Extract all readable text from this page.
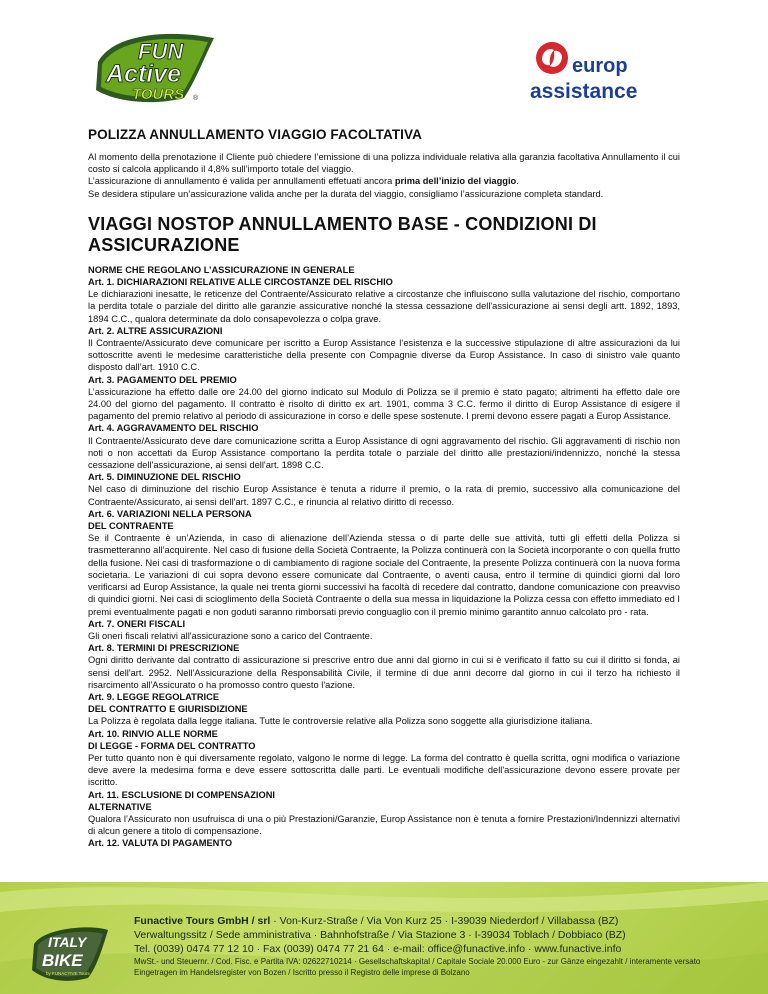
FUN
Active
TOURS ®
europ
assistance
POLIZZA ANNULLAMENTO VIAGGIO FACOLTATIVA

Al momento della prenotazione il Cliente può chiedere l’emissione di una polizza individuale relativa alla garanzia facoltativa Annullamento il cui costo si calcola applicando il 4,8% sull’importo totale del viaggio.

L’assicurazione di annullamento é valida per annullamenti effetuati ancora prima dell’inizio del viaggio.

Se desidera stipulare un’assicurazione valida anche per la durata del viaggio, consigliamo l’assicurazione completa standard.

VIAGGI NOSTOP ANNULLAMENTO BASE - CONDIZIONI DI ASSICURAZIONE

NORME CHE REGOLANO L’ASSICURAZIONE IN GENERALE

Art. 1. DICHIARAZIONI RELATIVE ALLE CIRCOSTANZE DEL RISCHIO

Le dichiarazioni inesatte, le reticenze del Contraente/Assicurato relative a circostanze che influiscono sulla valutazione del rischio, comportano la perdita totale o parziale del diritto alle garanzie assicurative nonché la stessa cessazione dell'assicurazione ai sensi degli artt. 1892, 1893, 1894 C.C., qualora determinate da dolo consapevolezza o colpa grave.

Art. 2. ALTRE ASSICURAZIONI

Il Contraente/Assicurato deve comunicare per iscritto a Europ Assistance l’esistenza e la successive stipulazione di altre assicurazioni da lui sottoscritte aventi le medesime caratteristiche della presente con Compagnie diverse da Europ Assistance. In caso di sinistro vale quanto disposto dall’art. 1910 C.C.

Art. 3. PAGAMENTO DEL PREMIO

L’assicurazione ha effetto dalle ore 24.00 del giorno indicato sul Modulo di Polizza se il premio è stato pagato; altrimenti ha effetto dale ore 24.00 del giorno del pagamento. Il contratto è risolto di diritto ex art. 1901, comma 3 C.C. fermo il diritto di Europ Assistance di esigere il pagamento del premio relativo al periodo di assicurazione in corso e delle spese sostenute. I premi devono essere pagati a Europ Assistance.

Art. 4. AGGRAVAMENTO DEL RISCHIO

Il Contraente/Assicurato deve dare comunicazione scritta a Europ Assistance di ogni aggravamento del rischio. Gli aggravamenti di rischio non noti o non accettati da Europ Assistance comportano la perdita totale o parziale del diritto alle prestazioni/indennizzo, nonché la stessa cessazione dell'assicurazione, ai sensi dell'art. 1898 C.C.

Art. 5. DIMINUZIONE DEL RISCHIO

Nel caso di diminuzione del rischio Europ Assistance è tenuta a ridurre il premio, o la rata di premio, successivo alla comunicazione del Contraente/Assicurato, ai sensi dell'art. 1897 C.C., e rinuncia al relativo diritto di recesso.

Art. 6. VARIAZIONI NELLA PERSONA

DEL CONTRAENTE

Se il Contraente è un’Azienda, in caso di alienazione dell’Azienda stessa o di parte delle sue attività, tutti gli effetti della Polizza si trasmetteranno all’acquirente. Nel caso di fusione della Società Contraente, la Polizza continuerà con la Società incorporante o con quella frutto della fusione. Nei casi di trasformazione o di cambiamento di ragione sociale del Contraente, la presente Polizza continuerà con la nuova forma societaria. Le variazioni di cui sopra devono essere comunicate dal Contraente, o aventi causa, entro il termine di quindici giorni dal loro verificarsi ad Europ Assistance, la quale nei trenta giorni successivi ha facoltà di recedere dal contratto, dandone comunicazione con preavviso di quindici giorni. Nei casi di scioglimento della Società Contraente o della sua messa in liquidazione la Polizza cessa con effetto immediato ed I premi eventualmente pagati e non goduti saranno rimborsati previo conguaglio con il premio minimo garantito annuo calcolato pro - rata.

Art. 7. ONERI FISCALI

Gli oneri fiscali relativi all'assicurazione sono a carico del Contraente.

Art. 8. TERMINI DI PRESCRIZIONE

Ogni diritto derivante dal contratto di assicurazione si prescrive entro due anni dal giorno in cui si è verificato il fatto su cui il diritto si fonda, ai sensi dell'art. 2952. Nell'Assicurazione della Responsabilità Civile, il termine di due anni decorre dal giorno in cui il terzo ha richiesto il risarcimento all'Assicurato o ha promosso contro questo l'azione.

Art. 9. LEGGE REGOLATRICE

DEL CONTRATTO E GIURISDIZIONE

La Polizza è regolata dalla legge italiana. Tutte le controversie relative alla Polizza sono soggette alla giurisdizione italiana.

Art. 10. RINVIO ALLE NORME

DI LEGGE - FORMA DEL CONTRATTO

Per tutto quanto non è qui diversamente regolato, valgono le norme di legge. La forma del contratto è quella scritta, ogni modifica o variazione deve avere la medesima forma e deve essere sottoscritta dalle parti. Le eventuali modifiche dell'assicurazione devono essere provate per iscritto.

Art. 11. ESCLUSIONE DI COMPENSAZIONI

ALTERNATIVE

Qualora l’Assicurato non usufruisca di una o più Prestazioni/Garanzie, Europ Assistance non è tenuta a fornire Prestazioni/Indennizzi alternativi di alcun genere a titolo di compensazione.

Art. 12. VALUTA DI PAGAMENTO

Funactive Tours GmbH / srl · Von-Kurz-Straße / Via Von Kurz 25 · I-39039 Niederdorf / Villabassa (BZ)
Verwaltungssitz / Sede amministrativa · Bahnhofstraße / Via Stazione 3 · I-39034 Toblach / Dobbiaco (BZ)
Tel. (0039) 0474 77 12 10 · Fax (0039) 0474 77 21 64 · e-mail: office@funactive.info · www.funactive.info
MwSt.- und Steuernr. / Cod. Fisc. e Partita IVA: 02622710214 · Gesellschaftskapital / Capitale Sociale 20.000 Euro - zur Gänze eingezahlt / interamente versato
Eingetragen im Handelsregister von Bozen / Iscritto presso il Registro delle imprese di Bolzano
ITALY
BIKE
by FUNACTIVE Tours
